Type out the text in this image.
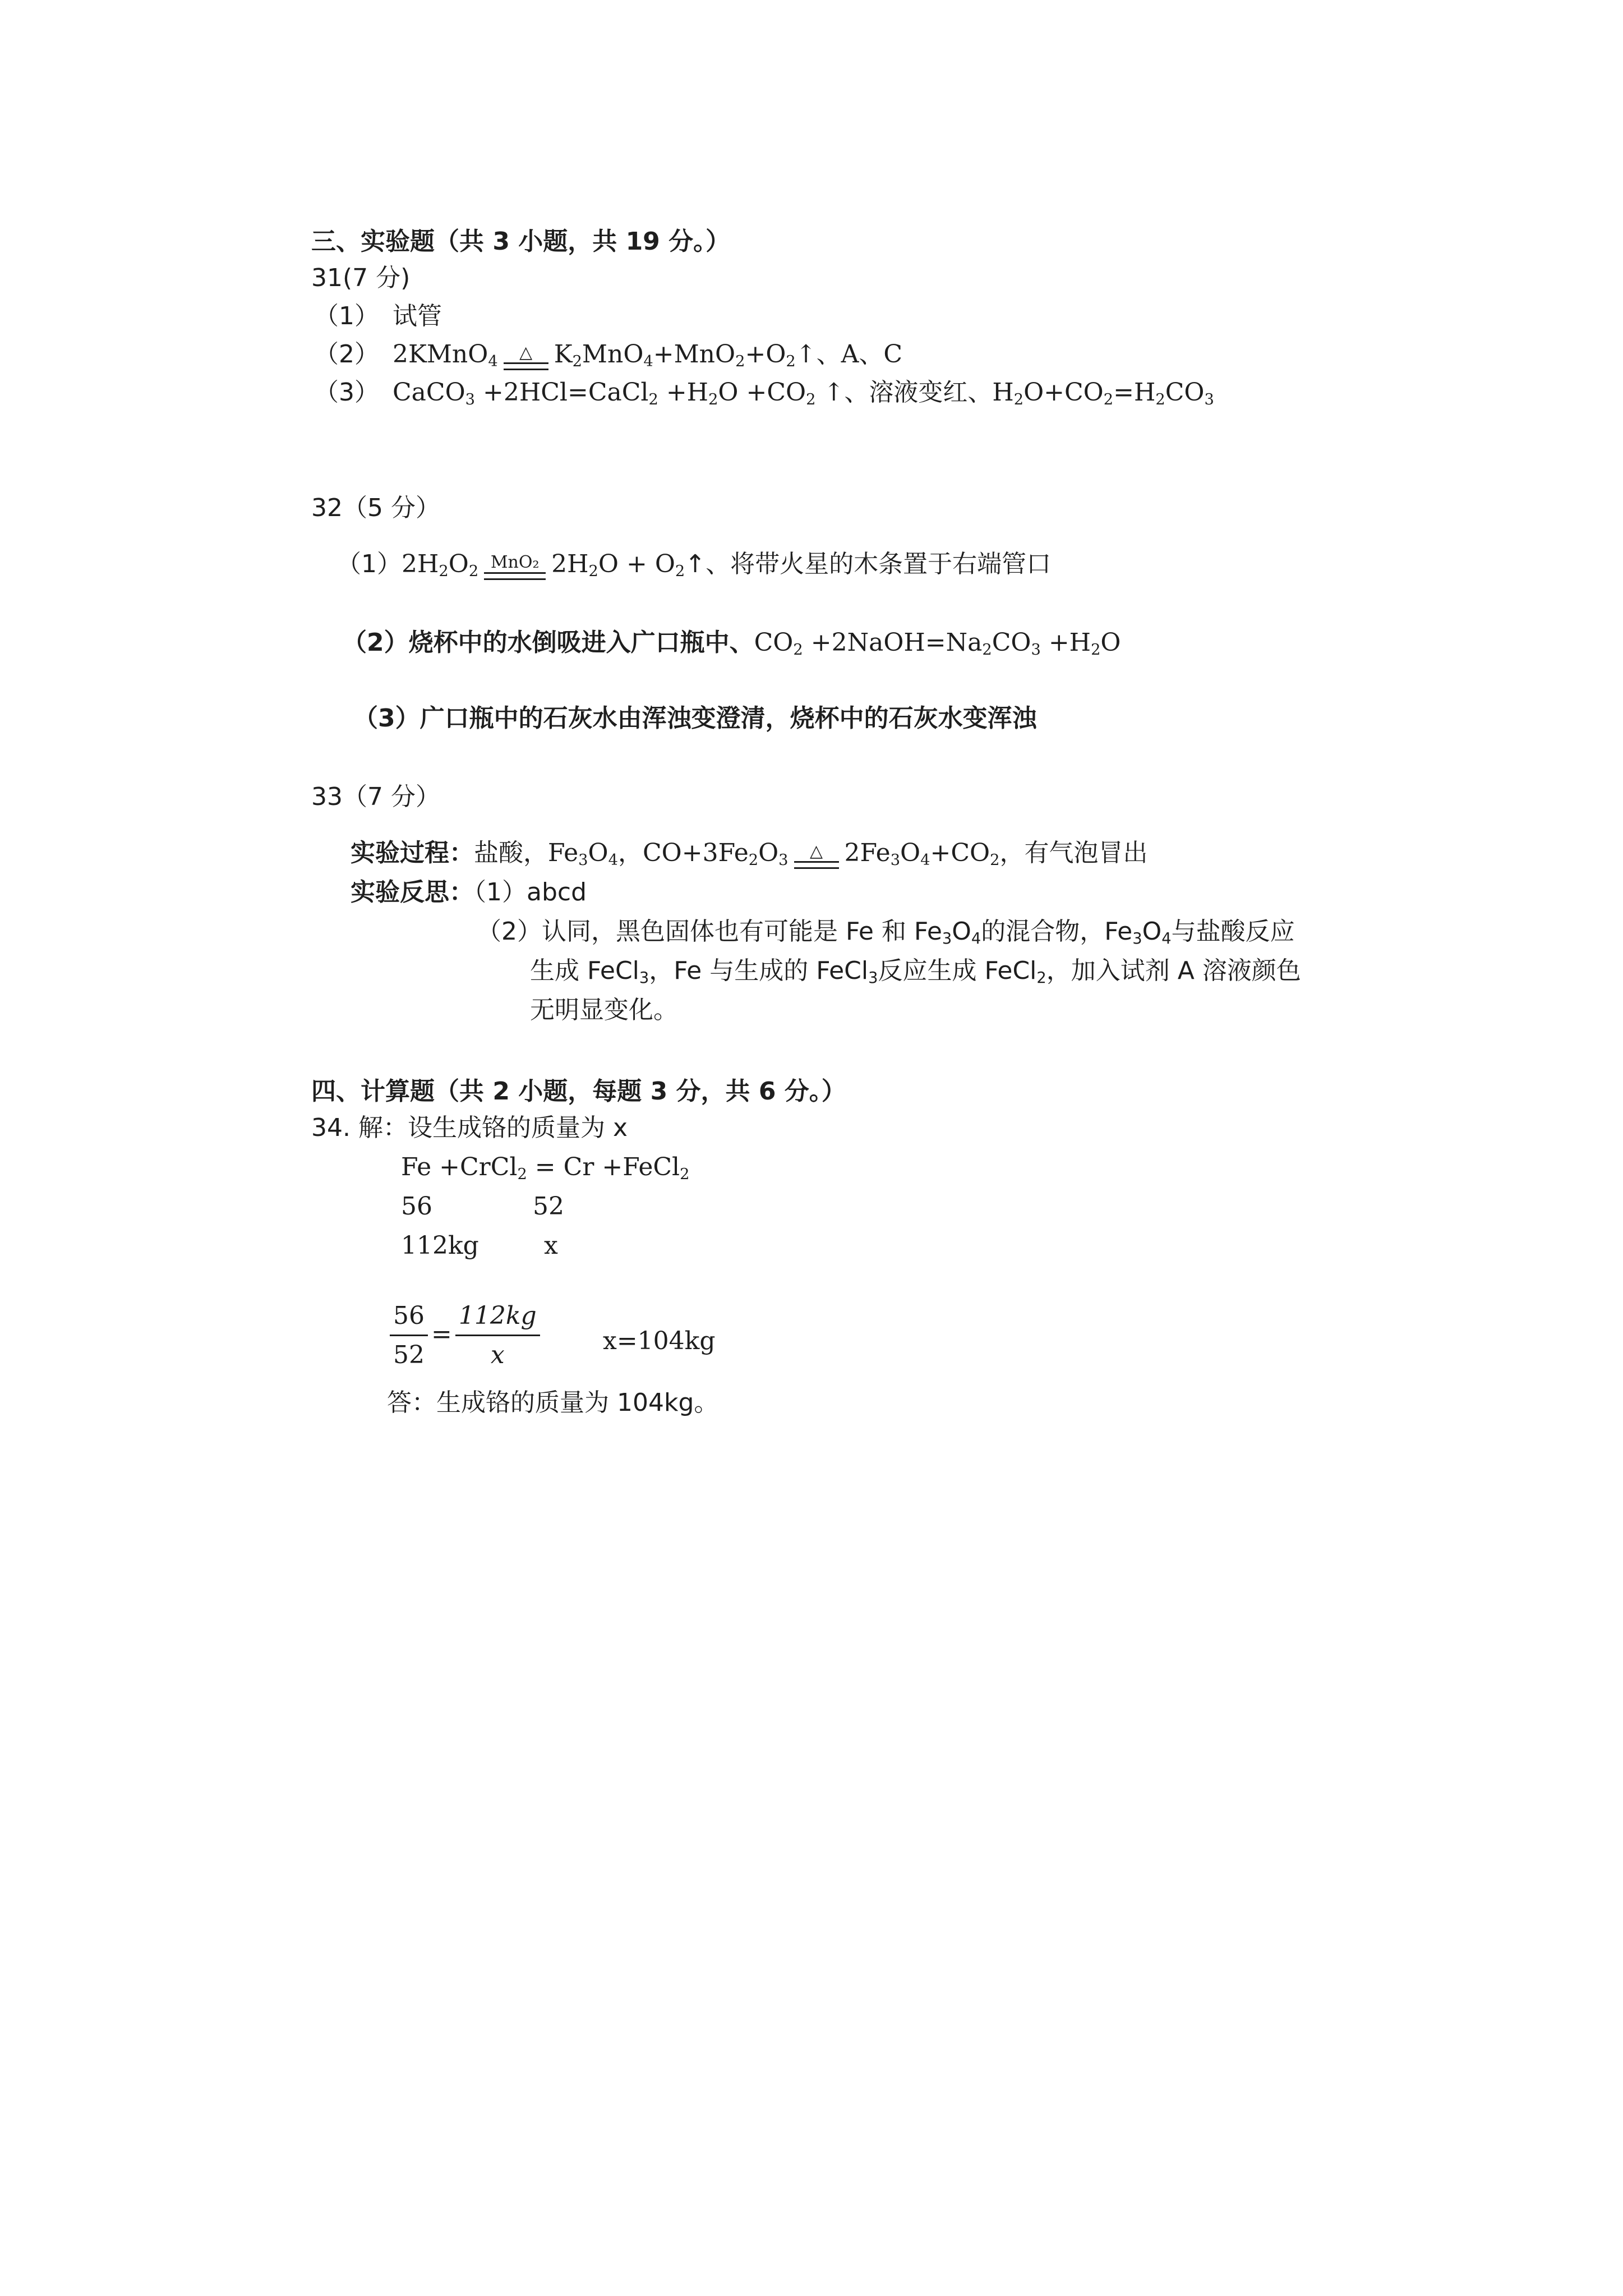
三、实验题（共 3 小题，共 19 分。）
31(7 分)
（1） 试管
（2） 2KMnO$_4$	△ $K_2MnO_4+MnO_2+O_2↑$、A、C
（3） CaCO$_3$ +2HCl=CaCl$_2$ $+H_2O +CO_2$ ↑、溶液变红、$H_2O+CO_2=H_2CO_3$
32（5 分）
$(1)2H_2O_2$ MnO₂ $2H_2O$ + $O_2↑$、将带火星的木条置于右端管口
（2）烧杯中的水倒吸进入广口瓶中、$CO_2$ $+2NaOH=Na_2CO_3 +H_2O$
（3）广口瓶中的石灰水由浑浊变澄清，烧杯中的石灰水变浑浊
33（7 分）
实验过程：盐酸，$Fe_3O_4$，$CO+3Fe_2O_3$	△ $2Fe_3O_4+CO_2$，有气泡冒出
实验反思：（1）abcd
（2）认同，黑色固体也有可能是 Fe 和 $Fe_3O_4$的混合物，$Fe_3O_4$与盐酸反应
生成 FeCl$_3$，Fe 与生成的 FeCl$_3$反应生成 FeCl$_2$，加入试剂 A 溶液颜色
无明显变化。
四、计算题（共 2 小题，每题 3 分，共 6 分。）
34. 解：设生成铬的质量为 x
Fe +CrCl$_2$ = Cr +FeCl$_2$
56	52
112kg	x
$\frac{56}{52} = \frac{112kg}{x}$	x=104kg
答：生成铬的质量为 104kg。
